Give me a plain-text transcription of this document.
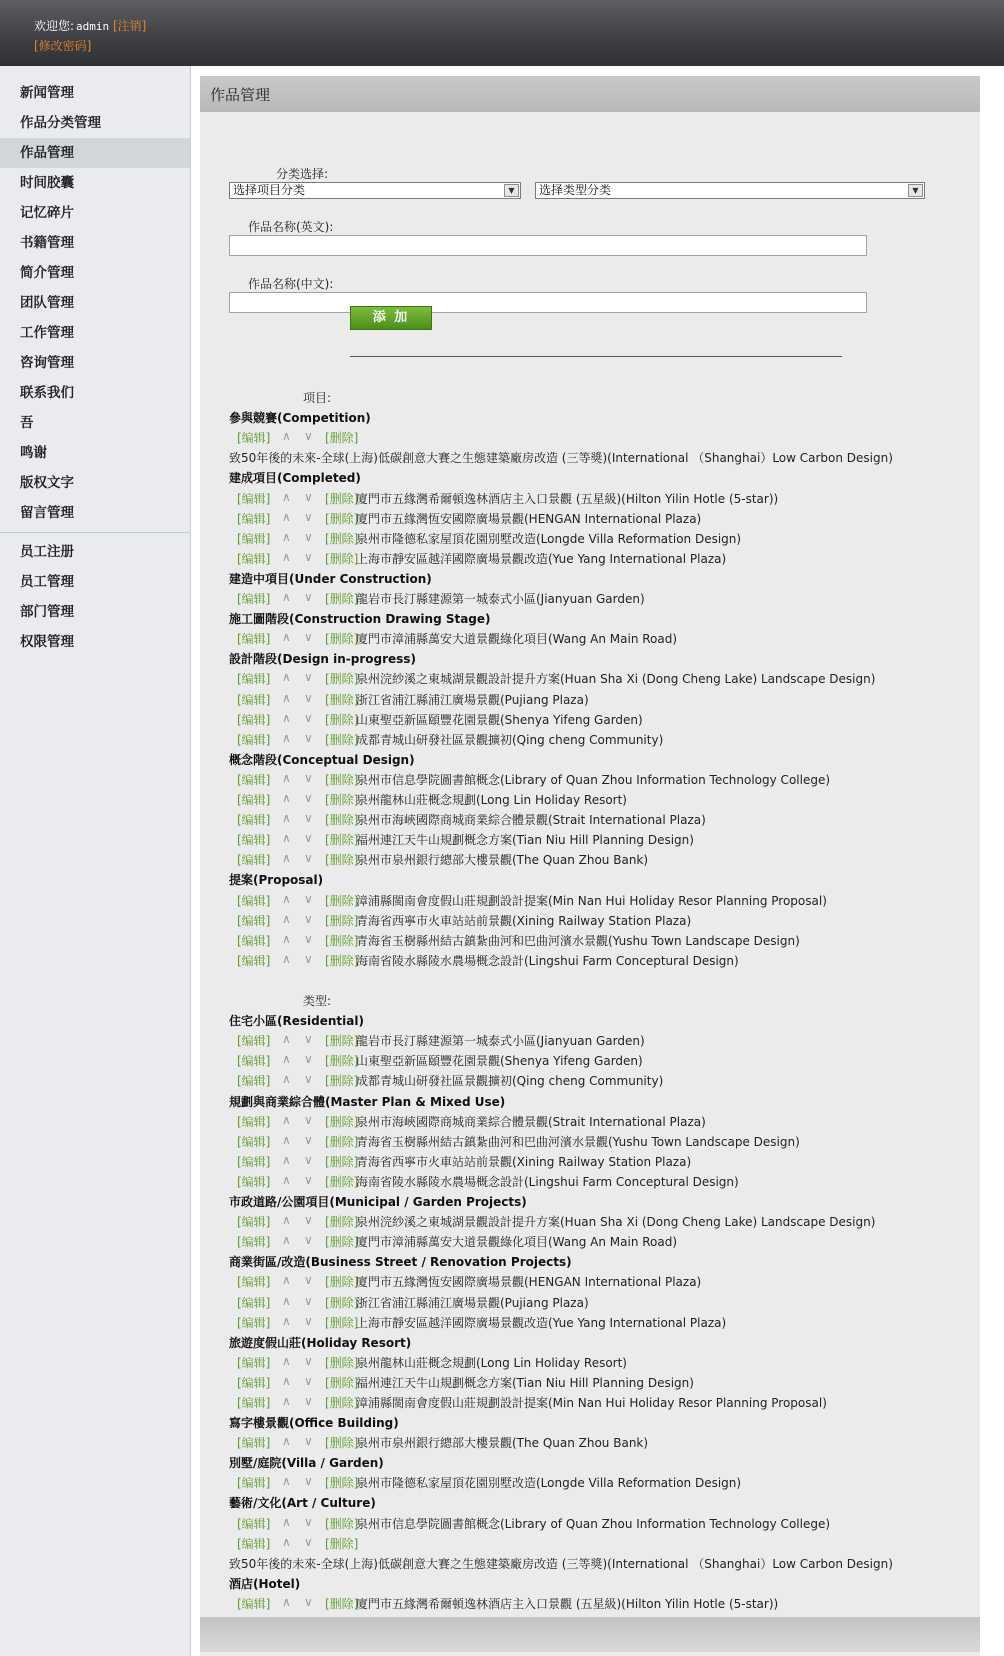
欢迎您: admin [注销]
[修改密码]
新闻管理
作品分类管理
作品管理
时间胶囊
记忆碎片
书籍管理
简介管理
团队管理
工作管理
咨询管理
联系我们
吾
鸣谢
版权文字
留言管理
员工注册
员工管理
部门管理
权限管理
作品管理
分类选择:
选择项目分类	▼	选择类型分类	▼
作品名称(英文):
作品名称(中文):
添 加
项目:
參與競賽(Competition)
[编辑] ∧ ∨ [删除]
致50年後的未來-全球(上海)低碳創意大賽之生態建築廠房改造 (三等獎)(International （Shanghai）Low Carbon Design)
建成項目(Completed)
[编辑] ∧ ∨ [删除]
廈門市五緣灣希爾頓逸林酒店主入口景觀 (五星級)(Hilton Yilin Hotle (5-star))
[编辑] ∧ ∨ [删除]
廈門市五緣灣恆安國際廣場景觀(HENGAN International Plaza)
[编辑] ∧ ∨ [删除]
泉州市隆德私家屋頂花園別墅改造(Longde Villa Reformation Design)
[编辑] ∧ ∨ [删除]
上海市靜安區越洋國際廣場景觀改造(Yue Yang International Plaza)
建造中項目(Under Construction)
[编辑] ∧ ∨ [删除]
龍岩市長汀縣建源第一城泰式小區(Jianyuan Garden)
施工圖階段(Construction Drawing Stage)
[编辑] ∧ ∨ [删除]
廈門市漳浦縣萬安大道景觀綠化項目(Wang An Main Road)
設計階段(Design in-progress)
[编辑] ∧ ∨ [删除]
泉州浣紗溪之東城湖景觀設計提升方案(Huan Sha Xi (Dong Cheng Lake) Landscape Design)
[编辑] ∧ ∨ [删除]
浙江省浦江縣浦江廣場景觀(Pujiang Plaza)
[编辑] ∧ ∨ [删除]
山東聖亞新區頤豐花園景觀(Shenya Yifeng Garden)
[编辑] ∧ ∨ [删除]
成都青城山研發社區景觀擴初(Qing cheng Community)
概念階段(Conceptual Design)
[编辑] ∧ ∨ [删除]
泉州市信息學院圖書館概念(Library of Quan Zhou Information Technology College)
[编辑] ∧ ∨ [删除]
泉州龍林山莊概念規劃(Long Lin Holiday Resort)
[编辑] ∧ ∨ [删除]
泉州市海峽國際商城商業綜合體景觀(Strait International Plaza)
[编辑] ∧ ∨ [删除]
福州連江天牛山規劃概念方案(Tian Niu Hill Planning Design)
[编辑] ∧ ∨ [删除]
泉州市泉州銀行總部大樓景觀(The Quan Zhou Bank)
提案(Proposal)
[编辑] ∧ ∨ [删除]
漳浦縣閩南會度假山莊規劃設計提案(Min Nan Hui Holiday Resor Planning Proposal)
[编辑] ∧ ∨ [删除]
青海省西寧市火車站站前景觀(Xining Railway Station Plaza)
[编辑] ∧ ∨ [删除]
青海省玉樹縣州結古鎮紮曲河和巴曲河濱水景觀(Yushu Town Landscape Design)
[编辑] ∧ ∨ [删除]
海南省陵水縣陵水農場概念設計(Lingshui Farm Conceptural Design)
类型:
住宅小區(Residential)
[编辑] ∧ ∨ [删除]
龍岩市長汀縣建源第一城泰式小區(Jianyuan Garden)
[编辑] ∧ ∨ [删除]
山東聖亞新區頤豐花園景觀(Shenya Yifeng Garden)
[编辑] ∧ ∨ [删除]
成都青城山研發社區景觀擴初(Qing cheng Community)
規劃與商業綜合體(Master Plan & Mixed Use)
[编辑] ∧ ∨ [删除]
泉州市海峽國際商城商業綜合體景觀(Strait International Plaza)
[编辑] ∧ ∨ [删除]
青海省玉樹縣州結古鎮紮曲河和巴曲河濱水景觀(Yushu Town Landscape Design)
[编辑] ∧ ∨ [删除]
青海省西寧市火車站站前景觀(Xining Railway Station Plaza)
[编辑] ∧ ∨ [删除]
海南省陵水縣陵水農場概念設計(Lingshui Farm Conceptural Design)
市政道路/公園項目(Municipal / Garden Projects)
[编辑] ∧ ∨ [删除]
泉州浣紗溪之東城湖景觀設計提升方案(Huan Sha Xi (Dong Cheng Lake) Landscape Design)
[编辑] ∧ ∨ [删除]
廈門市漳浦縣萬安大道景觀綠化項目(Wang An Main Road)
商業街區/改造(Business Street / Renovation Projects)
[编辑] ∧ ∨ [删除]
廈門市五緣灣恆安國際廣場景觀(HENGAN International Plaza)
[编辑] ∧ ∨ [删除]
浙江省浦江縣浦江廣場景觀(Pujiang Plaza)
[编辑] ∧ ∨ [删除]
上海市靜安區越洋國際廣場景觀改造(Yue Yang International Plaza)
旅遊度假山莊(Holiday Resort)
[编辑] ∧ ∨ [删除]
泉州龍林山莊概念規劃(Long Lin Holiday Resort)
[编辑] ∧ ∨ [删除]
福州連江天牛山規劃概念方案(Tian Niu Hill Planning Design)
[编辑] ∧ ∨ [删除]
漳浦縣閩南會度假山莊規劃設計提案(Min Nan Hui Holiday Resor Planning Proposal)
寫字樓景觀(Office Building)
[编辑] ∧ ∨ [删除]
泉州市泉州銀行總部大樓景觀(The Quan Zhou Bank)
別墅/庭院(Villa / Garden)
[编辑] ∧ ∨ [删除]
泉州市隆德私家屋頂花園別墅改造(Longde Villa Reformation Design)
藝術/文化(Art / Culture)
[编辑] ∧ ∨ [删除]
泉州市信息學院圖書館概念(Library of Quan Zhou Information Technology College)
[编辑] ∧ ∨ [删除]
致50年後的未來-全球(上海)低碳創意大賽之生態建築廠房改造 (三等獎)(International （Shanghai）Low Carbon Design)
酒店(Hotel)
[编辑] ∧ ∨ [删除]
廈門市五緣灣希爾頓逸林酒店主入口景觀 (五星級)(Hilton Yilin Hotle (5-star))
